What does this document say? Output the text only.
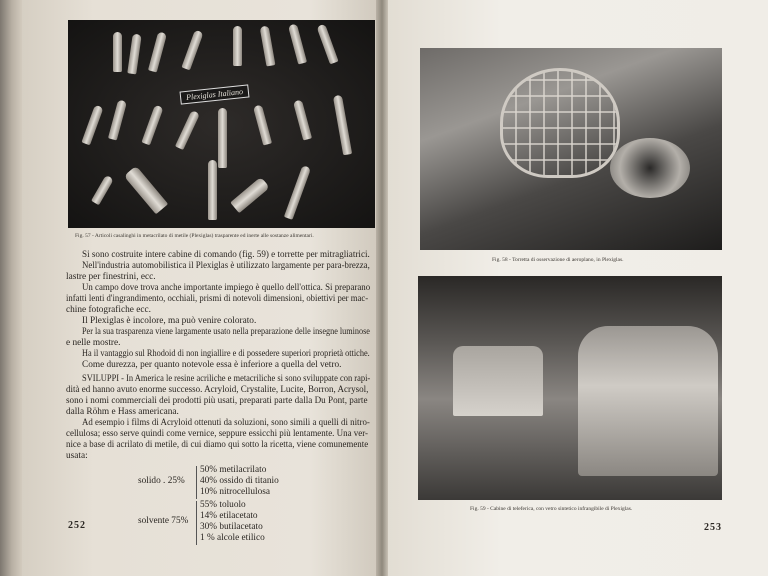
Plexiglas Italiano
Fig. 57 - Articoli casalinghi in metacrilato di metile (Plexiglas) trasparente ed inerte alle sostanze alimentari.
Si sono costruite intere cabine di comando (fig. 59) e torrette per mitragliatrici.
Nell'industria automobilistica il Plexiglas è utilizzato largamente per para-brezza,
lastre per finestrini, ecc.
Un campo dove trova anche importante impiego è quello dell'ottica. Si preparano
infatti lenti d'ingrandimento, occhiali, prismi di notevoli dimensioni, obiettivi per mac-
chine fotografiche ecc.
Il Plexiglas è incolore, ma può venire colorato.
Per la sua trasparenza viene largamente usato nella preparazione delle insegne luminose
e nelle mostre.
Ha il vantaggio sul Rhodoid di non ingiallire e di possedere superiori proprietà ottiche.
Come durezza, per quanto notevole essa è inferiore a quella del vetro.
SVILUPPI - In America le resine acriliche e metacriliche si sono sviluppate con rapi-
dità ed hanno avuto enorme successo. Acryloid, Crystalite, Lucite, Borron, Acrysol,
sono i nomi commerciali dei prodotti più usati, preparati parte dalla Du Pont, parte
dalla Röhm e Hass americana.
Ad esempio i films di Acryloid ottenuti da soluzioni, sono simili a quelli di nitro-
cellulosa; esso serve quindi come vernice, seppure essicchi più lentamente. Una ver-
nice a base di acrilato di metile, di cui diamo qui sotto la ricetta, viene comunemente
usata:
solido . 25%
50% metilacrilato
40% ossido di titanio
10% nitrocellulosa
solvente 75%
55% toluolo
14% etilacetato
30% butilacetato
1 % alcole etilico
252
Fig. 58 - Torretta di osservazione di aeroplano, in Plexiglas.
Fig. 59 - Cabine di teleferica, con vetro sintetico infrangibile di Plexiglas.
253
